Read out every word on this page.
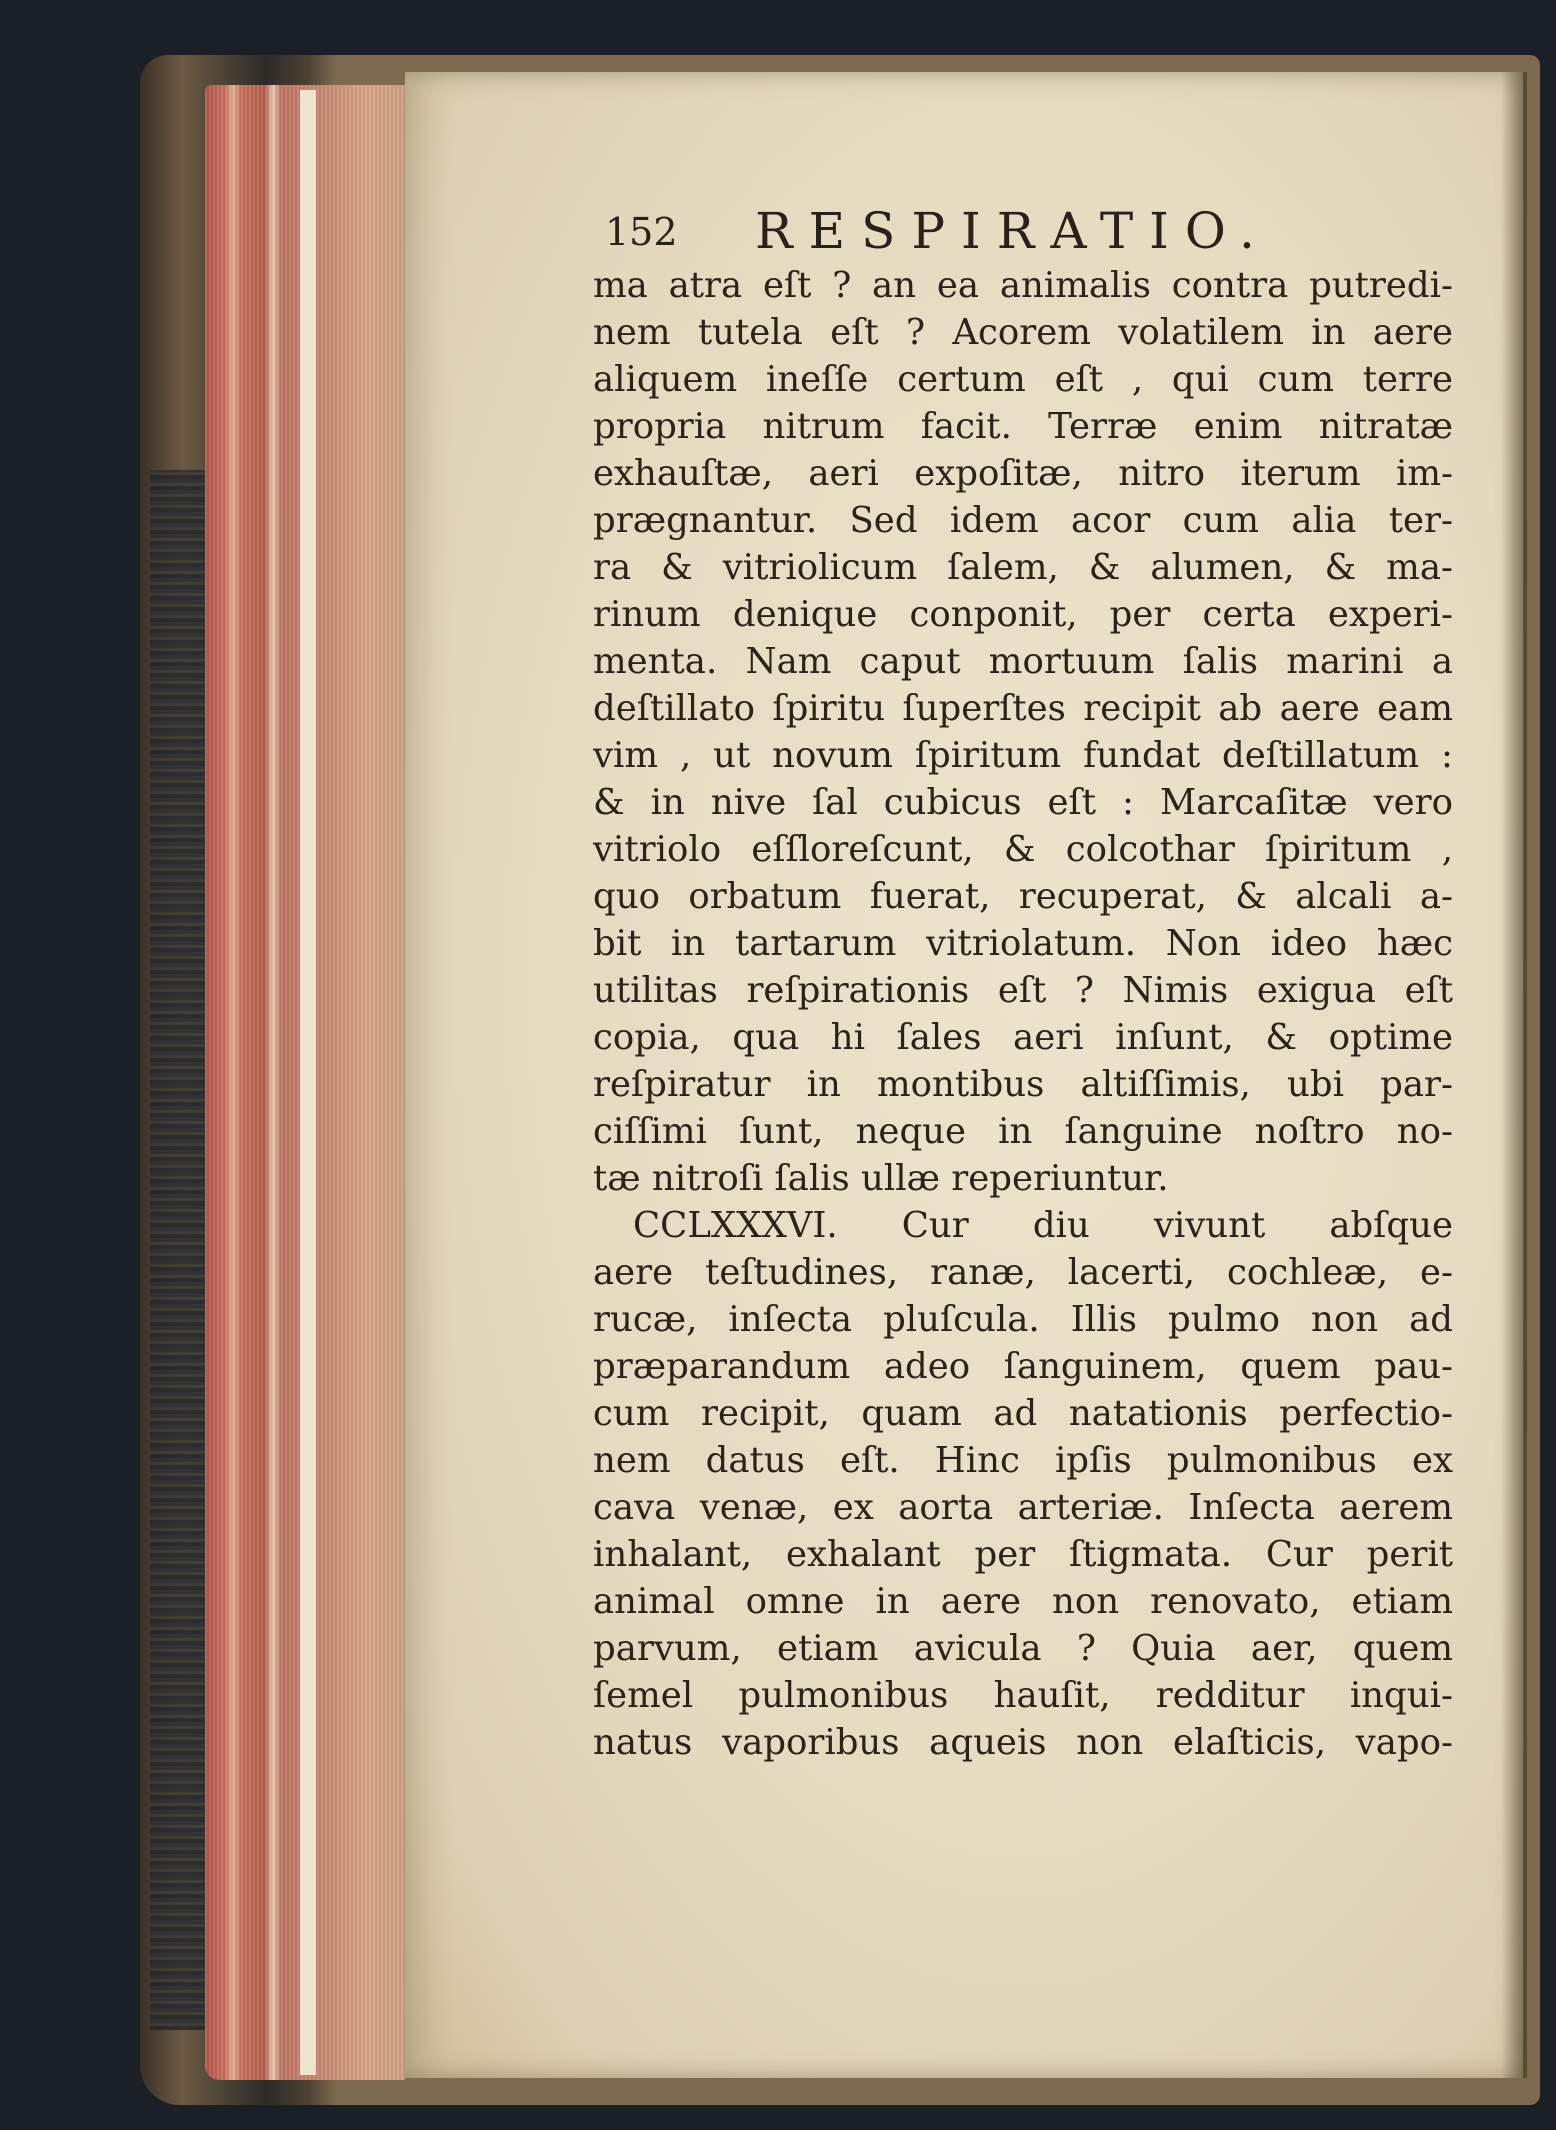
152 RESPIRATIO.
ma atra eſt ? an ea animalis contra putredi-
nem tutela eſt ? Acorem volatilem in aere
aliquem ineſſe certum eſt , qui cum terre
propria nitrum facit. Terræ enim nitratæ
exhauſtæ, aeri expoſitæ, nitro iterum im-
prægnantur. Sed idem acor cum alia ter-
ra & vitriolicum ſalem, & alumen, & ma-
rinum denique conponit, per certa experi-
menta. Nam caput mortuum ſalis marini a
deſtillato ſpiritu ſuperſtes recipit ab aere eam
vim , ut novum ſpiritum fundat deſtillatum :
& in nive ſal cubicus eſt : Marcaſitæ vero
vitriolo eſſloreſcunt, & colcothar ſpiritum ,
quo orbatum fuerat, recuperat, & alcali a-
bit in tartarum vitriolatum. Non ideo hæc
utilitas reſpirationis eſt ? Nimis exigua eſt
copia, qua hi ſales aeri inſunt, & optime
reſpiratur in montibus altiſſimis, ubi par-
ciſſimi ſunt, neque in ſanguine noſtro no-
tæ nitroſi ſalis ullæ reperiuntur.
CCLXXXVI. Cur diu vivunt abſque
aere teſtudines, ranæ, lacerti, cochleæ, e-
rucæ, inſecta pluſcula. Illis pulmo non ad
præparandum adeo ſanguinem, quem pau-
cum recipit, quam ad natationis perfectio-
nem datus eſt. Hinc ipſis pulmonibus ex
cava venæ, ex aorta arteriæ. Inſecta aerem
inhalant, exhalant per ſtigmata. Cur perit
animal omne in aere non renovato, etiam
parvum, etiam avicula ? Quia aer, quem
ſemel pulmonibus hauſit, redditur inqui-
natus vaporibus aqueis non elaſticis, vapo-
